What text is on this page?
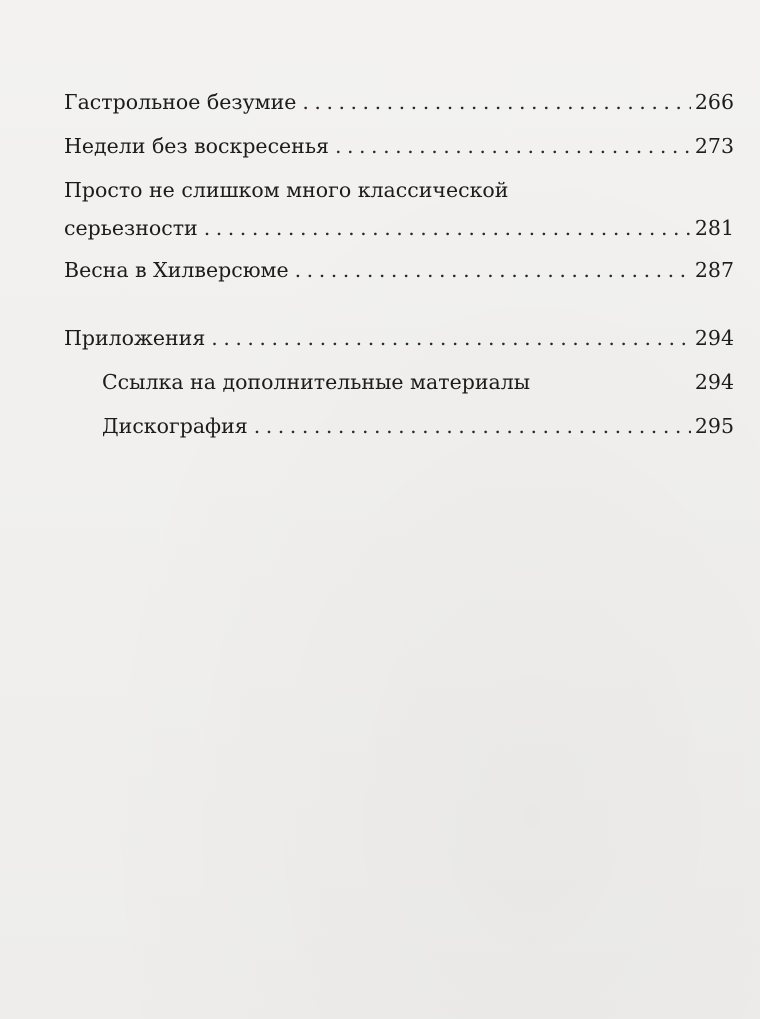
Гастрольное безумие . . .	266
Недели без воскресенья . . .	273
Просто не слишком много классической
серьезности . . .	281
Весна в Хилверсюме . . .	287
Приложения . . .	294
Ссылка на дополнительные материалы	294
Дискография . . .	295
